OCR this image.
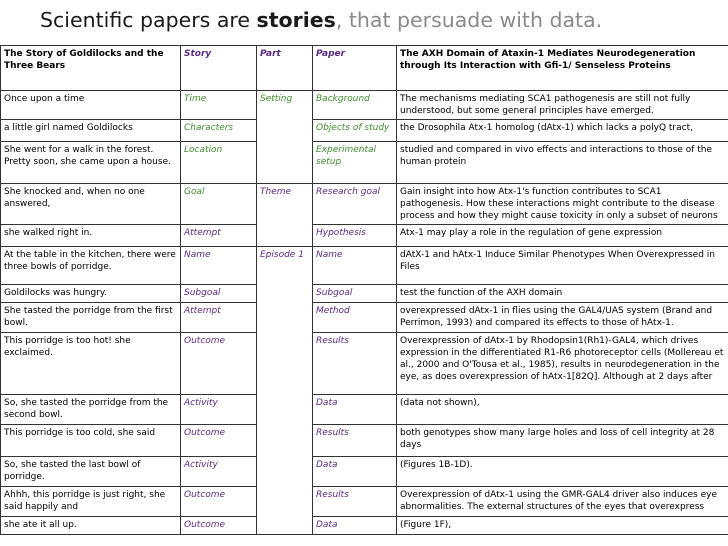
Scientific papers are stories, that persuade with data.
The Story of Goldilocks and the Three Bears	Story	Part	Paper	The AXH Domain of Ataxin-1 Mediates Neurodegeneration through Its Interaction with Gfi-1/ Senseless Proteins
Once upon a time	Time	Setting	Background	The mechanisms mediating SCA1 pathogenesis are still not fully understood, but some general principles have emerged.

a little girl named Goldilocks	Characters		Objects of study	the Drosophila Atx-1 homolog (dAtx-1) which lacks a polyQ tract,
She went for a walk in the forest. Pretty soon, she came upon a house.	Location		Experimental setup	studied and compared in vivo effects and interactions to those of the human protein
She knocked and, when no one answered,	Goal	Theme	Research goal	Gain insight into how Atx-1's function contributes to SCA1 pathogenesis. How these interactions might contribute to the disease process and how they might cause toxicity in only a subset of neurons

she walked right in.	Attempt		Hypothesis	Atx-1 may play a role in the regulation of gene expression
At the table in the kitchen, there were three bowls of porridge.	Name	Episode 1	Name	dAtX-1 and hAtx-1 Induce Similar Phenotypes When Overexpressed in Files
Goldilocks was hungry.	Subgoal		Subgoal	test the function of the AXH domain
She tasted the porridge from the first bowl.	Attempt		Method	overexpressed dAtx-1 in flies using the GAL4/UAS system (Brand and Perrimon, 1993) and compared its effects to those of hAtx-1.
This porridge is too hot! she exclaimed.	Outcome		Results	Overexpression of dAtx-1 by Rhodopsin1(Rh1)-GAL4, which drives expression in the differentiated R1-R6 photoreceptor cells (Mollereau et al., 2000 and O'Tousa et al., 1985), results in neurodegeneration in the eye, as does overexpression of hAtx-1[82Q]. Although at 2 days after

So, she tasted the porridge from the second bowl.	Activity		Data	(data not shown),
This porridge is too cold, she said	Outcome		Results	both genotypes show many large holes and loss of cell integrity at 28 days

So, she tasted the last bowl of porridge.	Activity		Data	(Figures 1B-1D).
Ahhh, this porridge is just right, she said happily and	Outcome		Results	Overexpression of dAtx-1 using the GMR-GAL4 driver also induces eye abnormalities. The external structures of the eyes that overexpress
she ate it all up.	Outcome		Data	(Figure 1F),
